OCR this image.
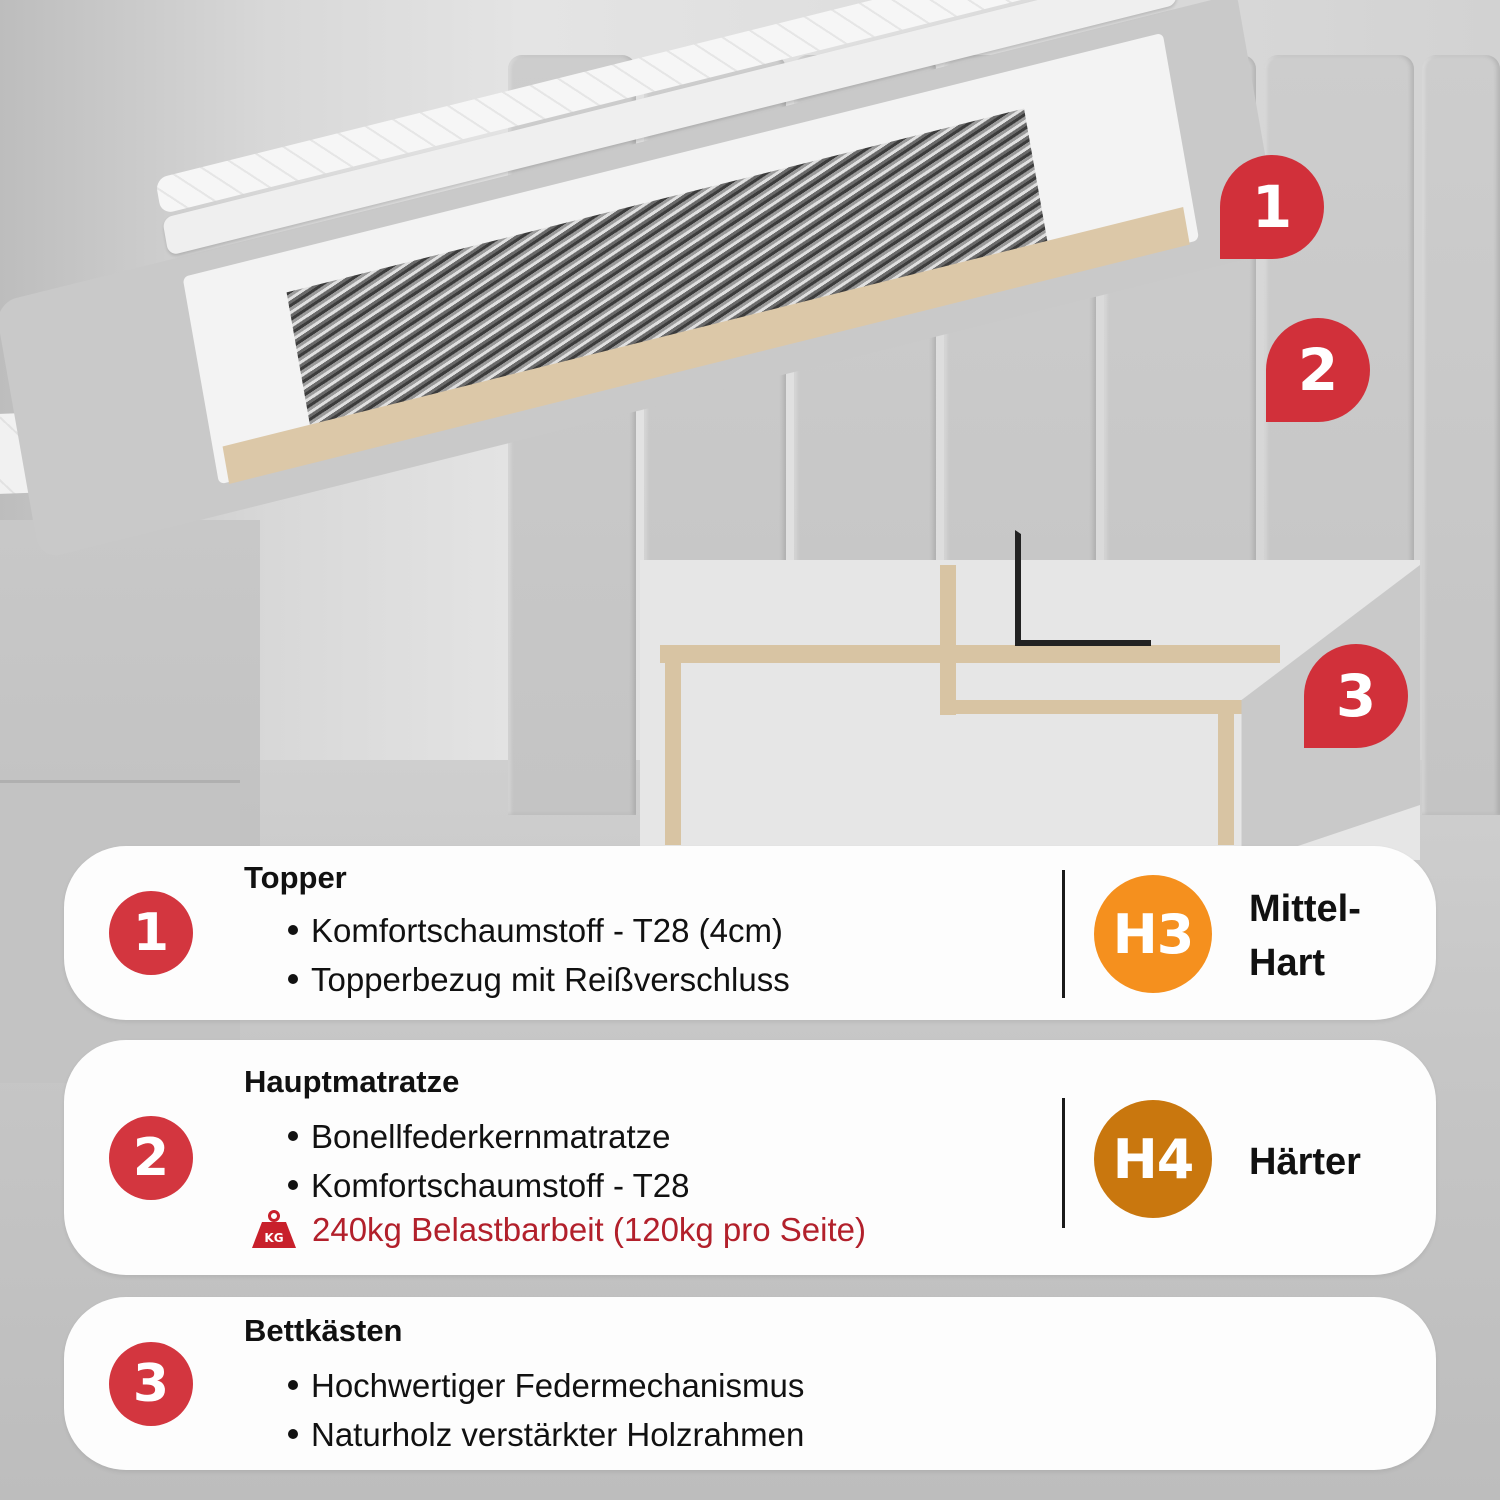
1
2
3
1
Topper
Komfortschaumstoff - T28 (4cm)
Topperbezug mit Reißverschluss
H3	Mittel-
Hart
2
Hauptmatratze
Bonellfederkernmatratze
Komfortschaumstoff - T28
KG 240kg Belastbarbeit (120kg pro Seite)
H4	Härter
3
Bettkästen
Hochwertiger Federmechanismus
Naturholz verstärkter Holzrahmen
